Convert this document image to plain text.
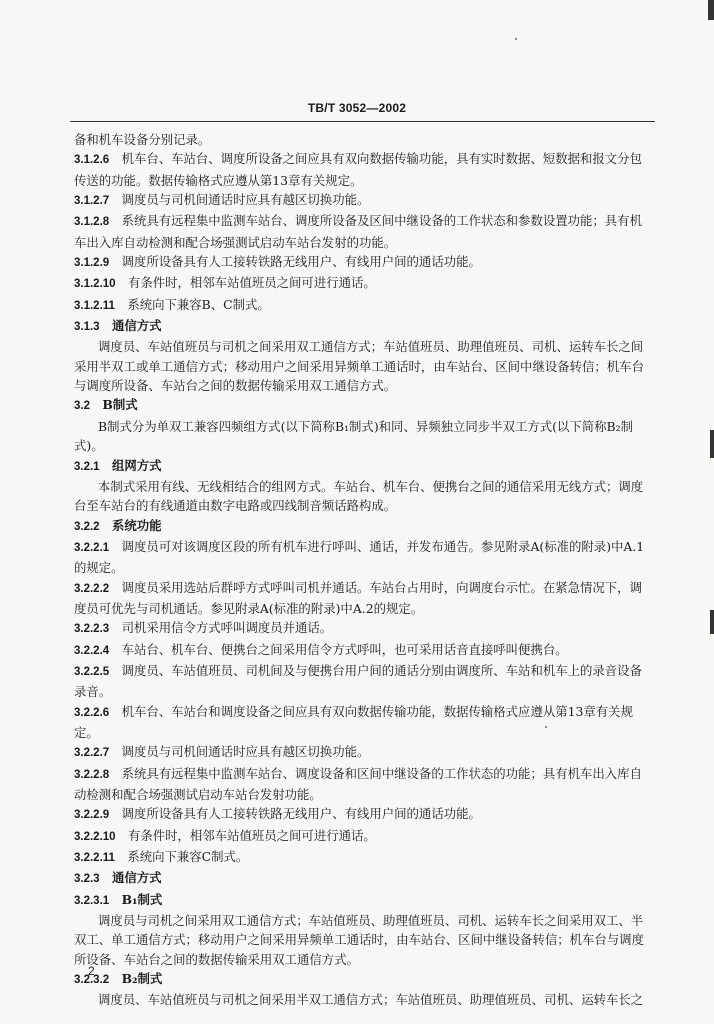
TB/T 3052—2002

备和机车设备分别记录。

3.1.2.6  机车台、车站台、调度所设备之间应具有双向数据传输功能，具有实时数据、短数据和报文分包传送的功能。数据传输格式应遵从第13章有关规定。

3.1.2.7  调度员与司机间通话时应具有越区切换功能。

3.1.2.8  系统具有远程集中监测车站台、调度所设备及区间中继设备的工作状态和参数设置功能；具有机车出入库自动检测和配合场强测试启动车站台发射的功能。

3.1.2.9  调度所设备具有人工接转铁路无线用户、有线用户间的通话功能。

3.1.2.10  有条件时，相邻车站值班员之间可进行通话。

3.1.2.11  系统向下兼容B、C制式。

3.1.3  通信方式

调度员、车站值班员与司机之间采用双工通信方式；车站值班员、助理值班员、司机、运转车长之间采用半双工或单工通信方式；移动用户之间采用异频单工通话时，由车站台、区间中继设备转信；机车台与调度所设备、车站台之间的数据传输采用双工通信方式。

3.2  B制式

B制式分为单双工兼容四频组方式(以下简称B₁制式)和同、异频独立同步半双工方式(以下简称B₂制式)。

3.2.1  组网方式

本制式采用有线、无线相结合的组网方式。车站台、机车台、便携台之间的通信采用无线方式；调度台至车站台的有线通道由数字电路或四线制音频话路构成。

3.2.2  系统功能

3.2.2.1  调度员可对该调度区段的所有机车进行呼叫、通话，并发布通告。参见附录A(标准的附录)中A.1的规定。

3.2.2.2  调度员采用选站后群呼方式呼叫司机并通话。车站台占用时，向调度台示忙。在紧急情况下，调度员可优先与司机通话。参见附录A(标准的附录)中A.2的规定。

3.2.2.3  司机采用信令方式呼叫调度员并通话。

3.2.2.4  车站台、机车台、便携台之间采用信令方式呼叫，也可采用话音直接呼叫便携台。

3.2.2.5  调度员、车站值班员、司机间及与便携台用户间的通话分别由调度所、车站和机车上的录音设备录音。

3.2.2.6  机车台、车站台和调度设备之间应具有双向数据传输功能，数据传输格式应遵从第13章有关规定。

3.2.2.7  调度员与司机间通话时应具有越区切换功能。

3.2.2.8  系统具有远程集中监测车站台、调度设备和区间中继设备的工作状态的功能；具有机车出入库自动检测和配合场强测试启动车站台发射功能。

3.2.2.9  调度所设备具有人工接转铁路无线用户、有线用户间的通话功能。

3.2.2.10  有条件时，相邻车站值班员之间可进行通话。

3.2.2.11  系统向下兼容C制式。

3.2.3  通信方式

3.2.3.1  B₁制式

调度员与司机之间采用双工通信方式；车站值班员、助理值班员、司机、运转车长之间采用双工、半双工、单工通信方式；移动用户之间采用异频单工通话时，由车站台、区间中继设备转信；机车台与调度所设备、车站台之间的数据传输采用双工通信方式。

3.2.3.2  B₂制式

调度员、车站值班员与司机之间采用半双工通信方式；车站值班员、助理值班员、司机、运转车长之

2
